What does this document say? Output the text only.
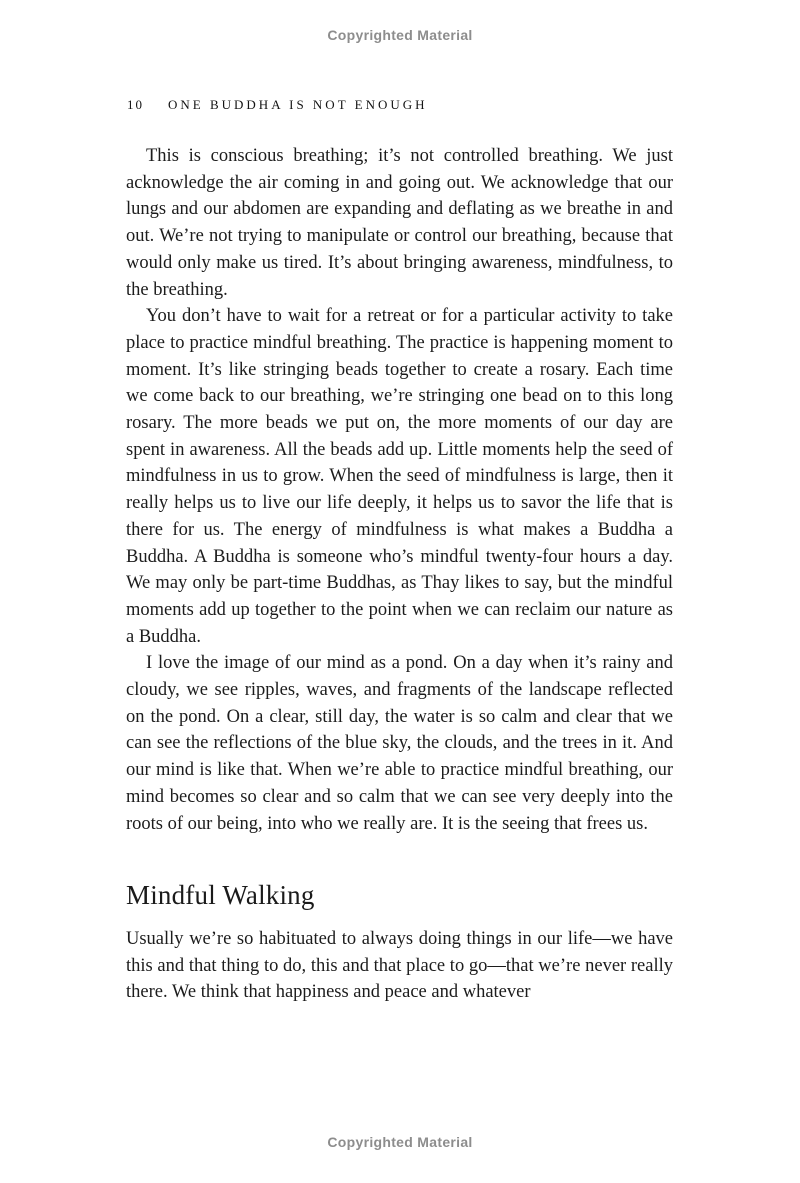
Copyrighted Material
10 ONE BUDDHA IS NOT ENOUGH

This is conscious breathing; it’s not controlled breathing. We just acknowledge the air coming in and going out. We acknowledge that our lungs and our abdomen are expanding and deflating as we breathe in and out. We’re not trying to manipulate or control our breathing, because that would only make us tired. It’s about bringing awareness, mindfulness, to the breathing.

You don’t have to wait for a retreat or for a particular activity to take place to practice mindful breathing. The practice is happening moment to moment. It’s like stringing beads together to create a rosary. Each time we come back to our breathing, we’re stringing one bead on to this long rosary. The more beads we put on, the more moments of our day are spent in awareness. All the beads add up. Little moments help the seed of mindfulness in us to grow. When the seed of mindfulness is large, then it really helps us to live our life deeply, it helps us to savor the life that is there for us. The energy of mindfulness is what makes a Buddha a Buddha. A Buddha is someone who’s mindful twenty-four hours a day. We may only be part-time Buddhas, as Thay likes to say, but the mindful moments add up together to the point when we can reclaim our nature as a Buddha.

I love the image of our mind as a pond. On a day when it’s rainy and cloudy, we see ripples, waves, and fragments of the landscape reflected on the pond. On a clear, still day, the water is so calm and clear that we can see the reflections of the blue sky, the clouds, and the trees in it. And our mind is like that. When we’re able to practice mindful breathing, our mind becomes so clear and so calm that we can see very deeply into the roots of our being, into who we really are. It is the seeing that frees us.

Mindful Walking

Usually we’re so habituated to always doing things in our life—we have this and that thing to do, this and that place to go—that we’re never really there. We think that happiness and peace and whatever

Copyrighted Material
